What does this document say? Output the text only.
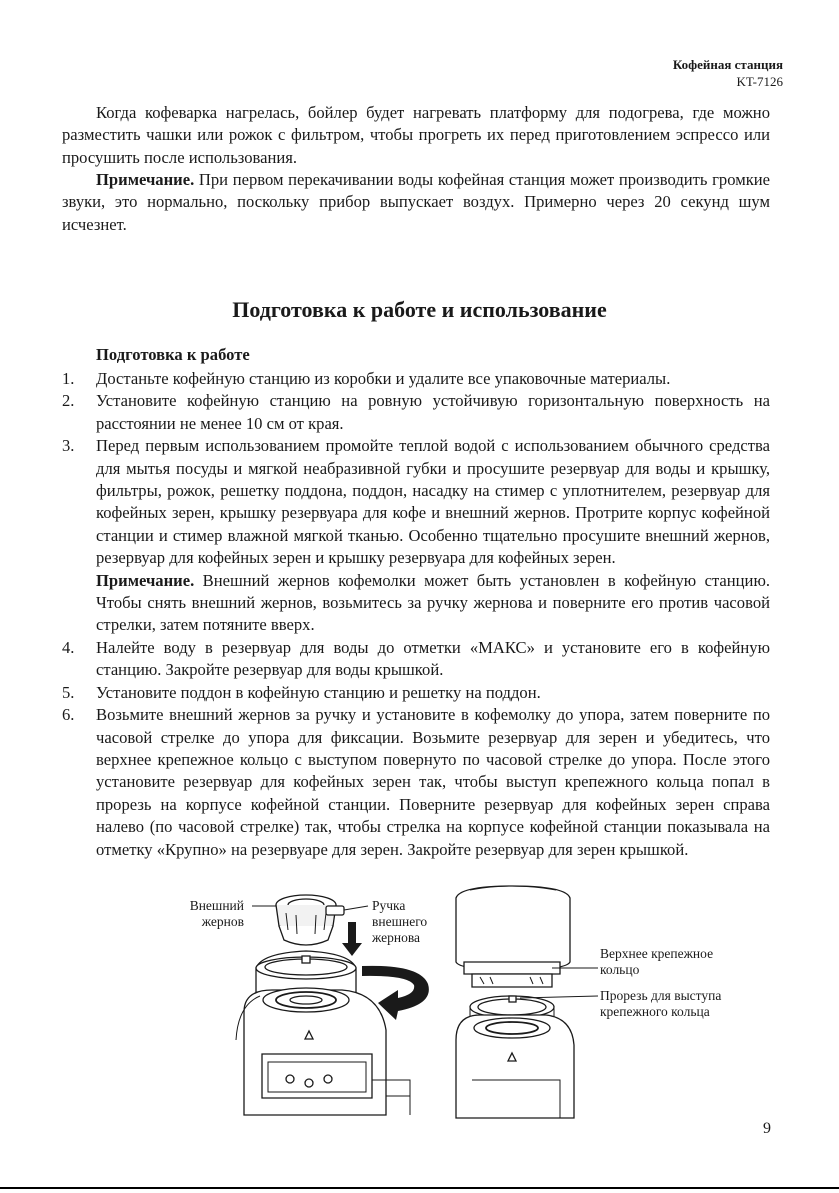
Кофейная станция
KT-7126

Когда кофеварка нагрелась, бойлер будет нагревать платформу для подогрева, где можно разместить чашки или рожок с фильтром, чтобы прогреть их перед приготовлением эспрессо или просушить после использования.

Примечание. При первом перекачивании воды кофейная станция может производить громкие звуки, это нормально, поскольку прибор выпускает воздух. Примерно через 20 секунд шум исчезнет.

Подготовка к работе и использование
Подготовка к работе
1. Достаньте кофейную станцию из коробки и удалите все упаковочные материалы.
2. Установите кофейную станцию на ровную устойчивую горизонтальную поверхность на расстоянии не менее 10 см от края.
3. Перед первым использованием промойте теплой водой с использованием обычного средства для мытья посуды и мягкой неабразивной губки и просушите резервуар для воды и крышку, фильтры, рожок, решетку поддона, поддон, насадку на стимер с уплотнителем, резервуар для кофейных зерен, крышку резервуара для кофе и внешний жернов. Протрите корпус кофейной станции и стимер влажной мягкой тканью. Особенно тщательно просушите внешний жернов, резервуар для кофейных зерен и крышку резервуара для кофейных зерен.
Примечание. Внешний жернов кофемолки может быть установлен в кофейную станцию. Чтобы снять внешний жернов, возьмитесь за ручку жернова и поверните его против часовой стрелки, затем потяните вверх.
4. Налейте воду в резервуар для воды до отметки «МАКС» и установите его в кофейную станцию. Закройте резервуар для воды крышкой.
5. Установите поддон в кофейную станцию и решетку на поддон.
6. Возьмите внешний жернов за ручку и установите в кофемолку до упора, затем поверните по часовой стрелке до упора для фиксации. Возьмите резервуар для зерен и убедитесь, что верхнее крепежное кольцо с выступом повернуто по часовой стрелке до упора. После этого установите резервуар для кофейных зерен так, чтобы выступ крепежного кольца попал в прорезь на корпусе кофейной станции. Поверните резервуар для кофейных зерен справа налево (по часовой стрелке) так, чтобы стрелка на корпусе кофейной станции показывала на отметку «Крупно» на резервуаре для зерен. Закройте резервуар для зерен крышкой.
Внешний
жернов
Ручка
внешнего
жернова
Верхнее крепежное
кольцо
Прорезь для выступа
крепежного кольца
9
